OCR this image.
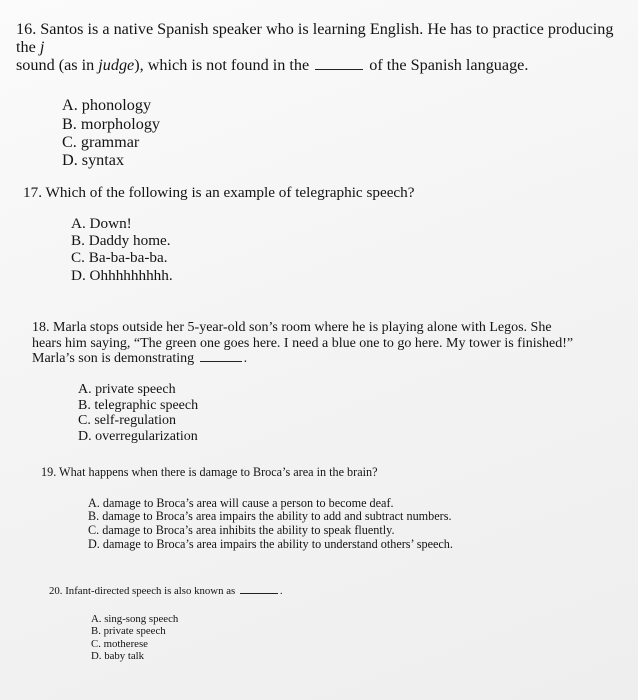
16. Santos is a native Spanish speaker who is learning English. He has to practice producing the j
sound (as in judge), which is not found in the	of the Spanish language.

A. phonology
B. morphology
C. grammar
D. syntax

17. Which of the following is an example of telegraphic speech?

A. Down!
B. Daddy home.
C. Ba-ba-ba-ba.
D. Ohhhhhhhhh.

18. Marla stops outside her 5-year-old son’s room where he is playing alone with Legos. She
hears him saying, “The green one goes here. I need a blue one to go here. My tower is finished!”
Marla’s son is demonstrating	.

A. private speech
B. telegraphic speech
C. self-regulation
D. overregularization

19. What happens when there is damage to Broca’s area in the brain?

A. damage to Broca’s area will cause a person to become deaf.
B. damage to Broca’s area impairs the ability to add and subtract numbers.
C. damage to Broca’s area inhibits the ability to speak fluently.
D. damage to Broca’s area impairs the ability to understand others’ speech.

20. Infant-directed speech is also known as	.

A. sing-song speech
B. private speech
C. motherese
D. baby talk
